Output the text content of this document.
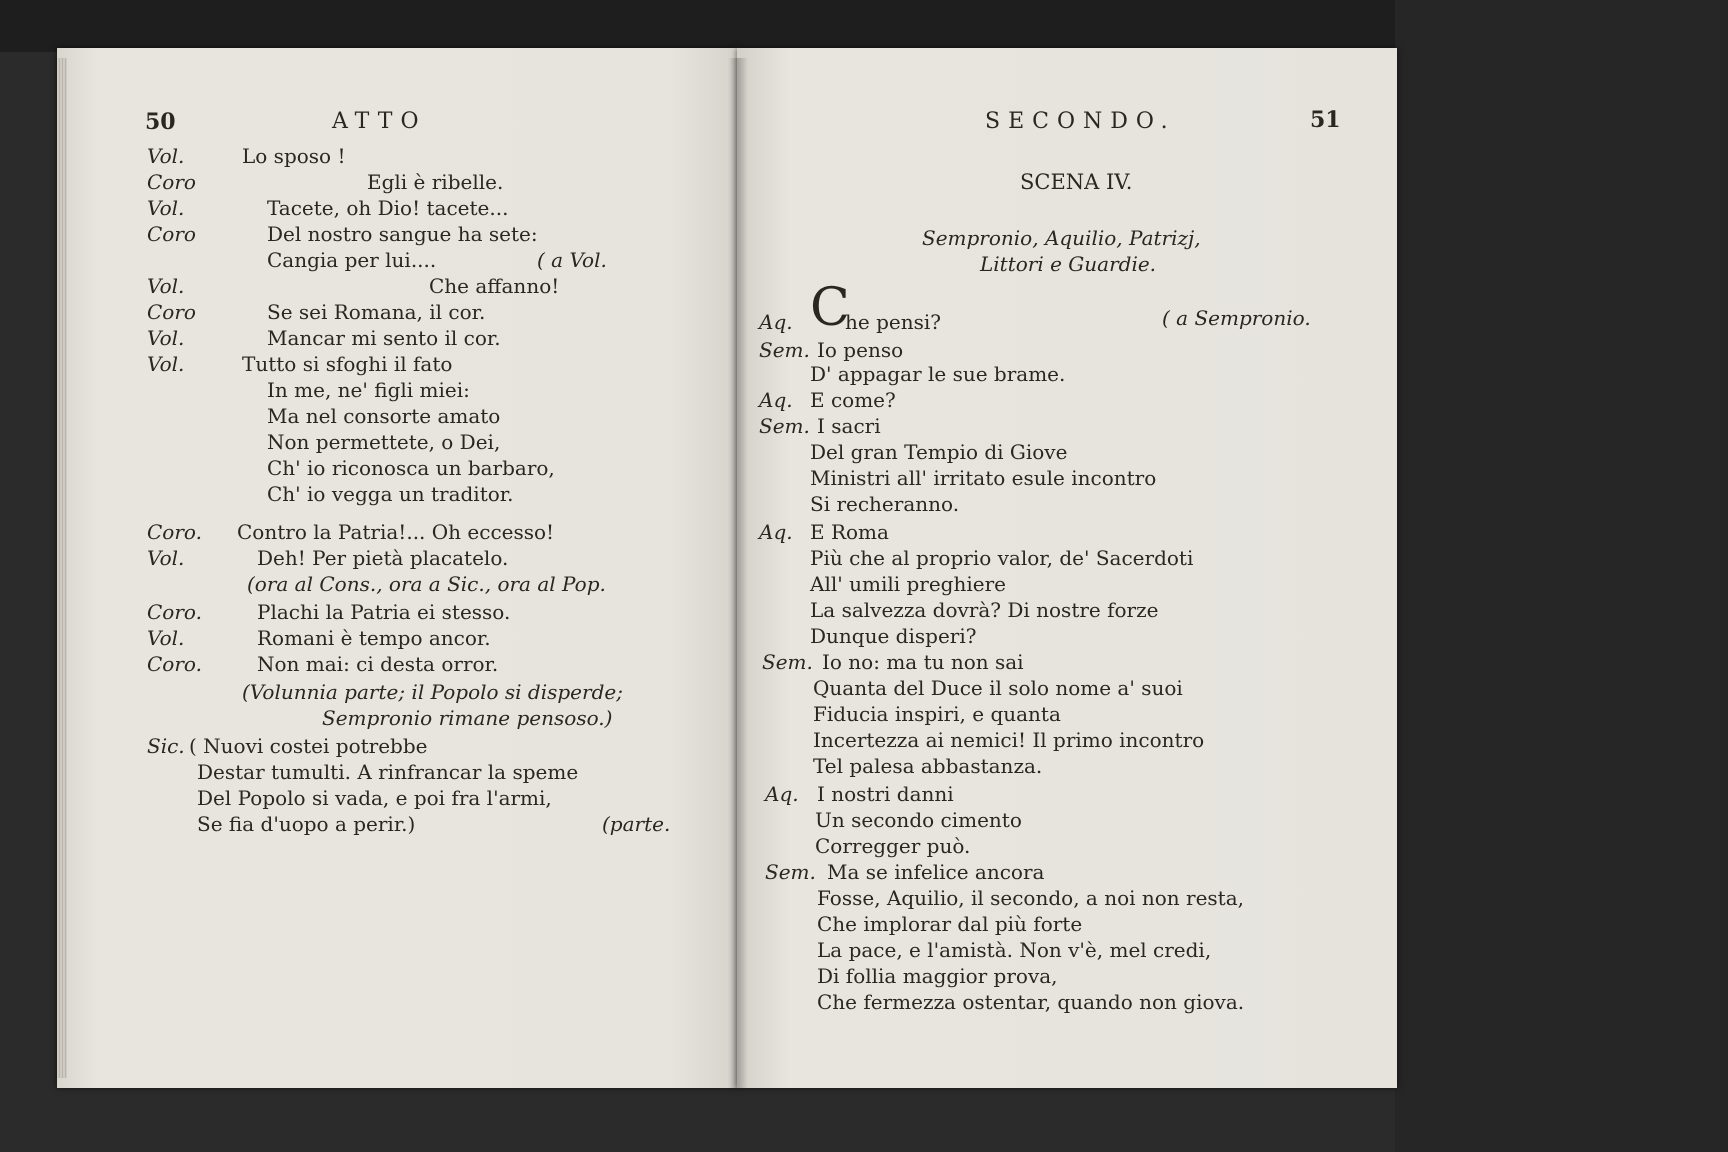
50	ATTO
Vol.	Lo sposo !
Coro	Egli è ribelle.
Vol.	Tacete, oh Dio! tacete...
Coro	Del nostro sangue ha sete:
Cangia per lui....	( a Vol.
Vol.	Che affanno!
Coro	Se sei Romana, il cor.
Vol.	Mancar mi sento il cor.
Vol.	Tutto si sfoghi il fato
In me, ne' figli miei:
Ma nel consorte amato
Non permettete, o Dei,
Ch' io riconosca un barbaro,
Ch' io vegga un traditor.
Coro. Contro la Patria!... Oh eccesso!
Vol.	Deh! Per pietà placatelo.
(ora al Cons., ora a Sic., ora al Pop.
Coro.	Plachi la Patria ei stesso.
Vol.	Romani è tempo ancor.
Coro.	Non mai: ci desta orror.
(Volunnia parte; il Popolo si disperde;
Sempronio rimane pensoso.)
Sic. ( Nuovi costei potrebbe
Destar tumulti. A rinfrancar la speme
Del Popolo si vada, e poi fra l'armi,
Se fia d'uopo a perir.)	(parte.
SECONDO.	51
SCENA IV.
Sempronio, Aquilio, Patrizj,
Littori e Guardie.
Aq. C
he pensi?	( a Sempronio.
Sem. Io penso
D' appagar le sue brame.
Aq. E come?
Sem. I sacri
Del gran Tempio di Giove
Ministri all' irritato esule incontro
Si recheranno.
Aq. E Roma
Più che al proprio valor, de' Sacerdoti
All' umili preghiere
La salvezza dovrà? Di nostre forze
Dunque disperi?
Sem. Io no: ma tu non sai
Quanta del Duce il solo nome a' suoi
Fiducia inspiri, e quanta
Incertezza ai nemici! Il primo incontro
Tel palesa abbastanza.
Aq. I nostri danni
Un secondo cimento
Corregger può.
Sem. Ma se infelice ancora
Fosse, Aquilio, il secondo, a noi non resta,
Che implorar dal più forte
La pace, e l'amistà. Non v'è, mel credi,
Di follia maggior prova,
Che fermezza ostentar, quando non giova.
